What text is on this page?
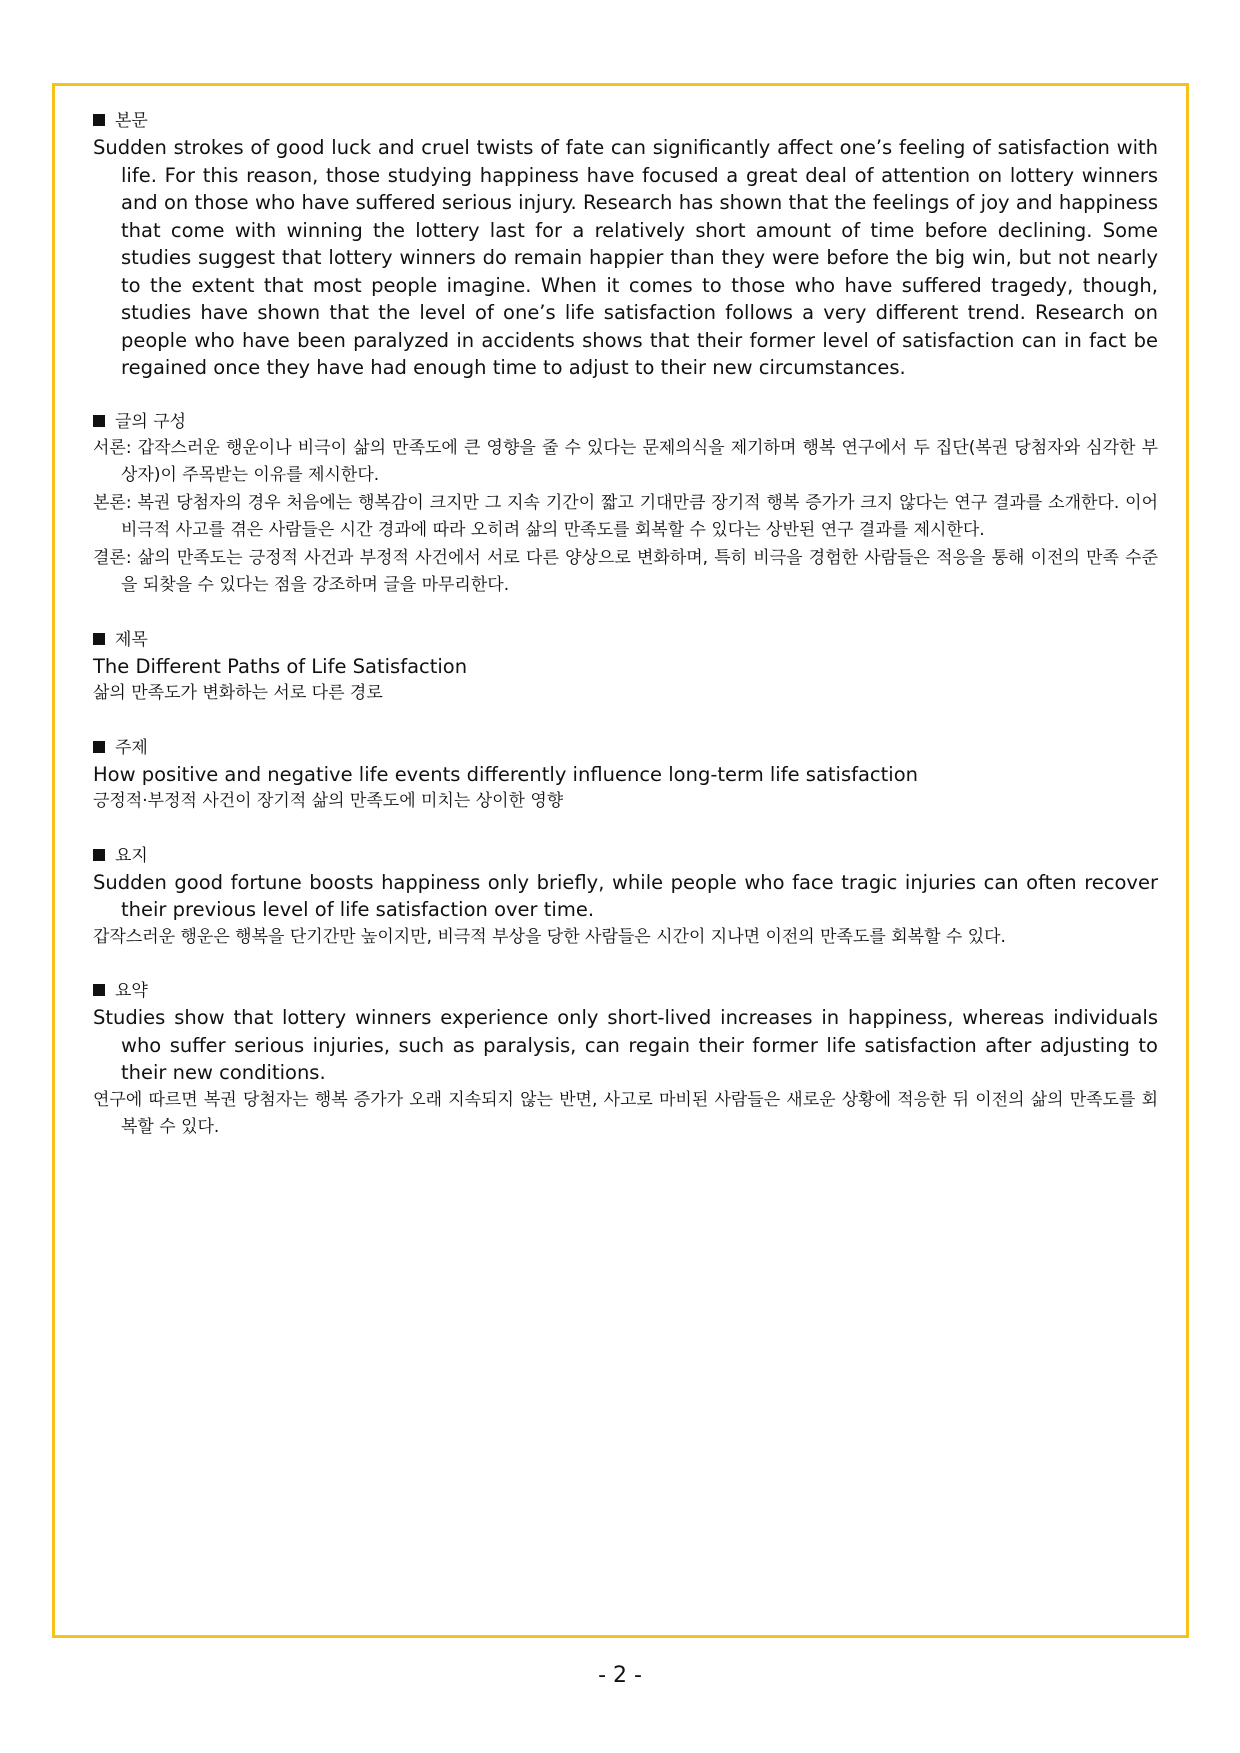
본문
Sudden strokes of good luck and cruel twists of fate can significantly affect one’s feeling of satisfaction with life. For this reason, those studying happiness have focused a great deal of attention on lottery winners and on those who have suffered serious injury. Research has shown that the feelings of joy and happiness that come with winning the lottery last for a relatively short amount of time before declining. Some studies suggest that lottery winners do remain happier than they were before the big win, but not nearly to the extent that most people imagine. When it comes to those who have suffered tragedy, though, studies have shown that the level of one’s life satisfaction follows a very different trend. Research on people who have been paralyzed in accidents shows that their former level of satisfaction can in fact be regained once they have had enough time to adjust to their new circumstances.
글의 구성
서론: 갑작스러운 행운이나 비극이 삶의 만족도에 큰 영향을 줄 수 있다는 문제의식을 제기하며 행복 연구에서 두 집단(복권 당첨자와 심각한 부상자)이 주목받는 이유를 제시한다.
본론: 복권 당첨자의 경우 처음에는 행복감이 크지만 그 지속 기간이 짧고 기대만큼 장기적 행복 증가가 크지 않다는 연구 결과를 소개한다. 이어 비극적 사고를 겪은 사람들은 시간 경과에 따라 오히려 삶의 만족도를 회복할 수 있다는 상반된 연구 결과를 제시한다.
결론: 삶의 만족도는 긍정적 사건과 부정적 사건에서 서로 다른 양상으로 변화하며, 특히 비극을 경험한 사람들은 적응을 통해 이전의 만족 수준을 되찾을 수 있다는 점을 강조하며 글을 마무리한다.
제목
The Different Paths of Life Satisfaction
삶의 만족도가 변화하는 서로 다른 경로
주제
How positive and negative life events differently influence long-term life satisfaction
긍정적·부정적 사건이 장기적 삶의 만족도에 미치는 상이한 영향
요지
Sudden good fortune boosts happiness only briefly, while people who face tragic injuries can often recover their previous level of life satisfaction over time.
갑작스러운 행운은 행복을 단기간만 높이지만, 비극적 부상을 당한 사람들은 시간이 지나면 이전의 만족도를 회복할 수 있다.
요약
Studies show that lottery winners experience only short-lived increases in happiness, whereas individuals who suffer serious injuries, such as paralysis, can regain their former life satisfaction after adjusting to their new conditions.
연구에 따르면 복권 당첨자는 행복 증가가 오래 지속되지 않는 반면, 사고로 마비된 사람들은 새로운 상황에 적응한 뒤 이전의 삶의 만족도를 회복할 수 있다.
- 2 -
